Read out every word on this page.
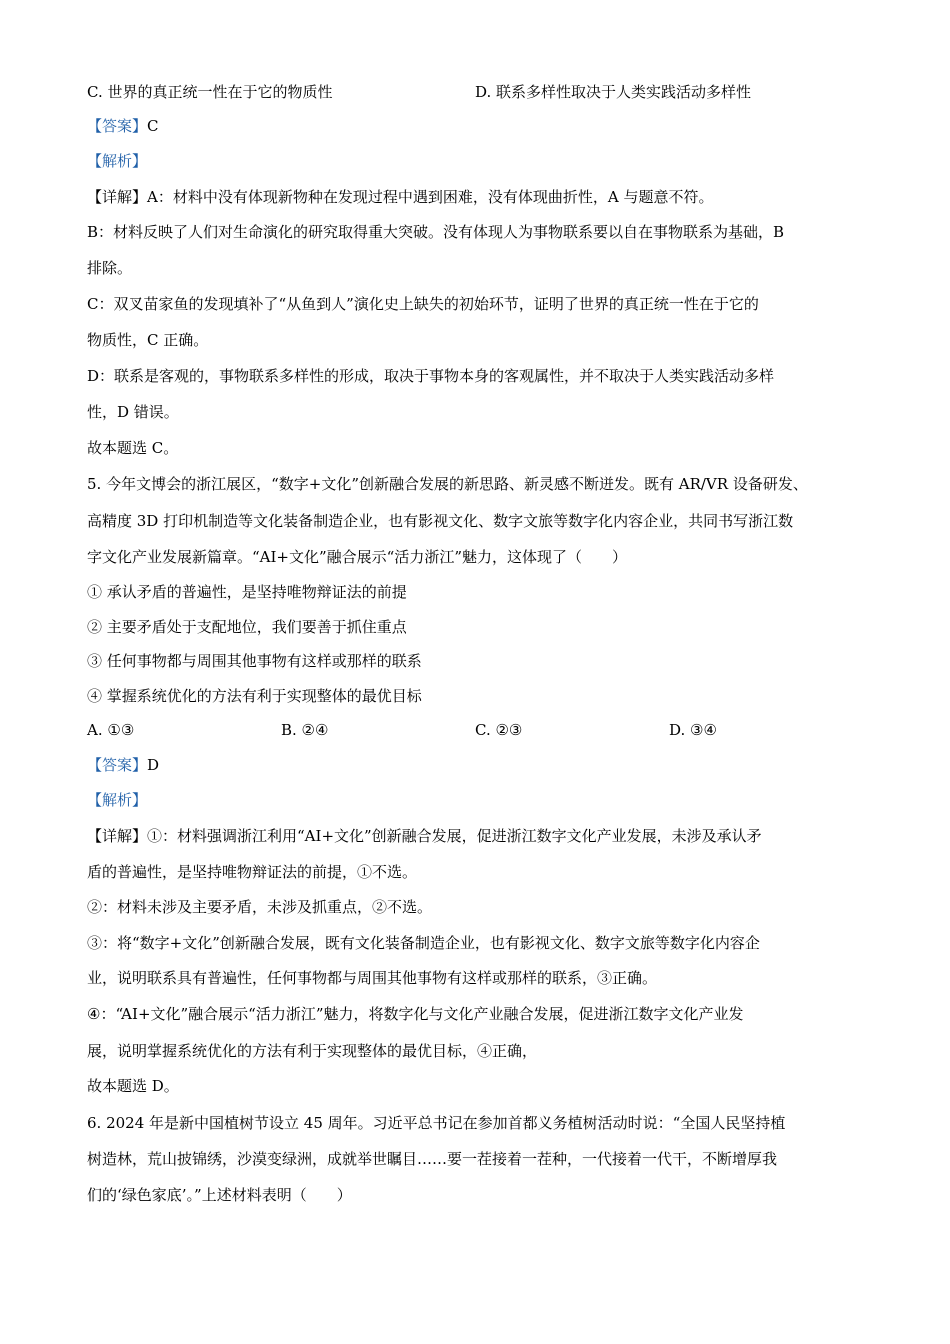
C. 世界的真正统一性在于它的物质性	D. 联系多样性取决于人类实践活动多样性
【答案】C
【解析】
【详解】A：材料中没有体现新物种在发现过程中遇到困难，没有体现曲折性，A 与题意不符。
B：材料反映了人们对生命演化的研究取得重大突破。没有体现人为事物联系要以自在事物联系为基础，B
排除。
C：双叉苗家鱼的发现填补了“从鱼到人”演化史上缺失的初始环节，证明了世界的真正统一性在于它的
物质性，C 正确。
D：联系是客观的，事物联系多样性的形成，取决于事物本身的客观属性，并不取决于人类实践活动多样
性，D 错误。
故本题选 C。
5. 今年文博会的浙江展区，“数字+文化”创新融合发展的新思路、新灵感不断迸发。既有 AR/VR 设备研发、
高精度 3D 打印机制造等文化装备制造企业，也有影视文化、数字文旅等数字化内容企业，共同书写浙江数
字文化产业发展新篇章。“AI+文化”融合展示“活力浙江”魅力，这体现了（　　）
① 承认矛盾的普遍性，是坚持唯物辩证法的前提
② 主要矛盾处于支配地位，我们要善于抓住重点
③ 任何事物都与周围其他事物有这样或那样的联系
④ 掌握系统优化的方法有利于实现整体的最优目标
A. ①③	B. ②④	C. ②③	D. ③④
【答案】D
【解析】
【详解】①：材料强调浙江利用“AI+文化”创新融合发展，促进浙江数字文化产业发展，未涉及承认矛
盾的普遍性，是坚持唯物辩证法的前提，①不选。
②：材料未涉及主要矛盾，未涉及抓重点，②不选。
③：将“数字+文化”创新融合发展，既有文化装备制造企业，也有影视文化、数字文旅等数字化内容企
业，说明联系具有普遍性，任何事物都与周围其他事物有这样或那样的联系，③正确。
④：“AI+文化”融合展示“活力浙江”魅力，将数字化与文化产业融合发展，促进浙江数字文化产业发
展，说明掌握系统优化的方法有利于实现整体的最优目标，④正确，
故本题选 D。
6. 2024 年是新中国植树节设立 45 周年。习近平总书记在参加首都义务植树活动时说：“全国人民坚持植
树造林，荒山披锦绣，沙漠变绿洲，成就举世瞩目……要一茬接着一茬种，一代接着一代干，不断增厚我
们的‘绿色家底’。”上述材料表明（　　）
